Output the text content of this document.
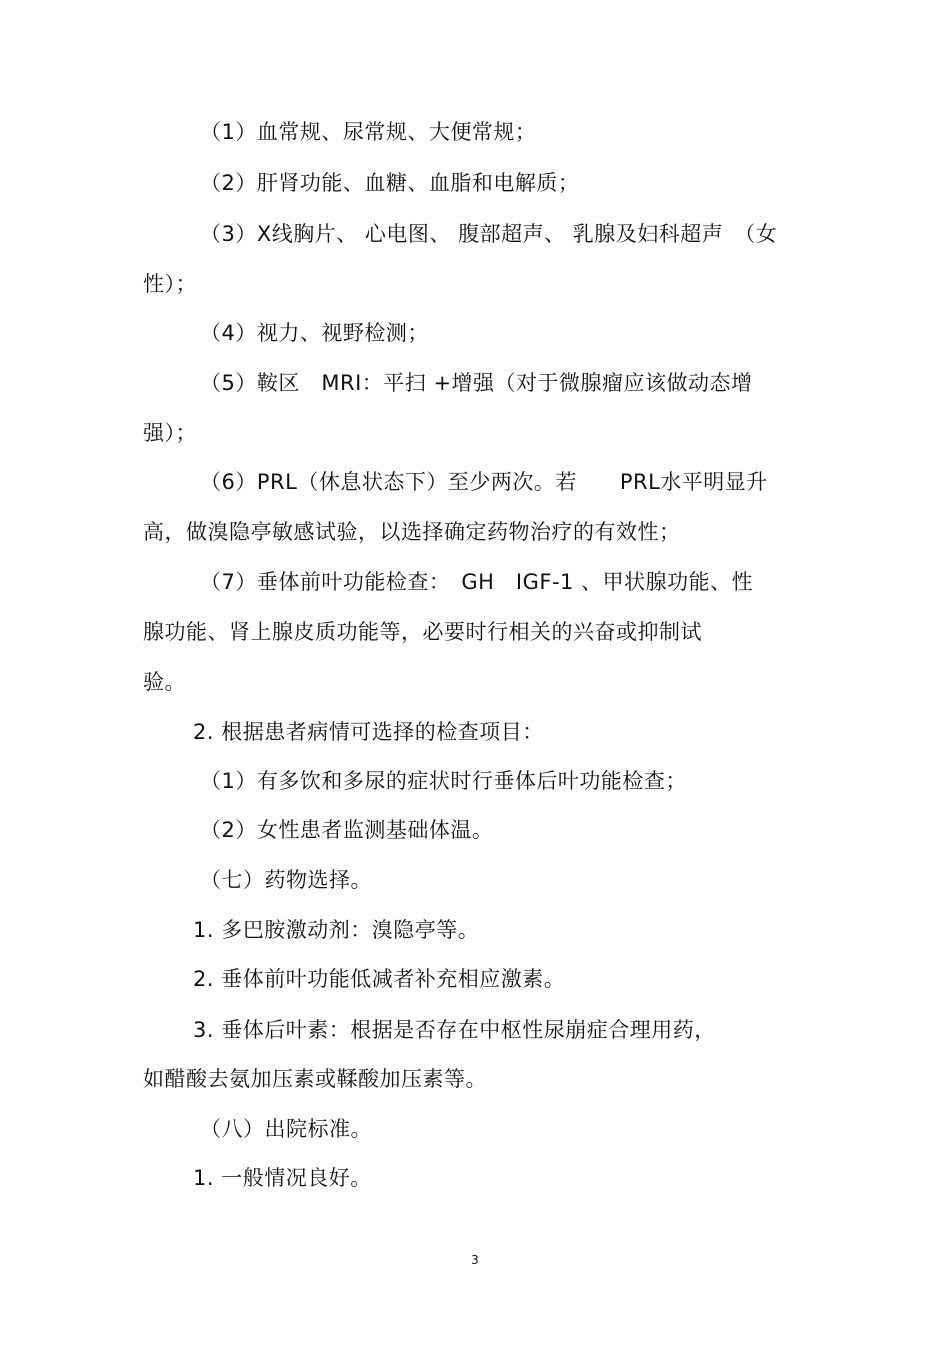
（1）血常规、尿常规、大便常规；
（2）肝肾功能、血糖、血脂和电解质；
（3）X线胸片、 心电图、 腹部超声、 乳腺及妇科超声　（女
性）；
（4）视力、视野检测；
（5）鞍区　MRI：平扫 +增强（对于微腺瘤应该做动态增
强）；
（6）PRL（休息状态下）至少两次。若　　PRL水平明显升
高，做溴隐亭敏感试验，以选择确定药物治疗的有效性；
（7）垂体前叶功能检查：　GH　IGF-1 、甲状腺功能、性
腺功能、肾上腺皮质功能等，必要时行相关的兴奋或抑制试
验。
2. 根据患者病情可选择的检查项目：
（1）有多饮和多尿的症状时行垂体后叶功能检查；
（2）女性患者监测基础体温。
（七）药物选择。
1. 多巴胺激动剂：溴隐亭等。
2. 垂体前叶功能低减者补充相应激素。
3. 垂体后叶素：根据是否存在中枢性尿崩症合理用药，
如醋酸去氨加压素或鞣酸加压素等。
（八）出院标准。
1. 一般情况良好。
3
